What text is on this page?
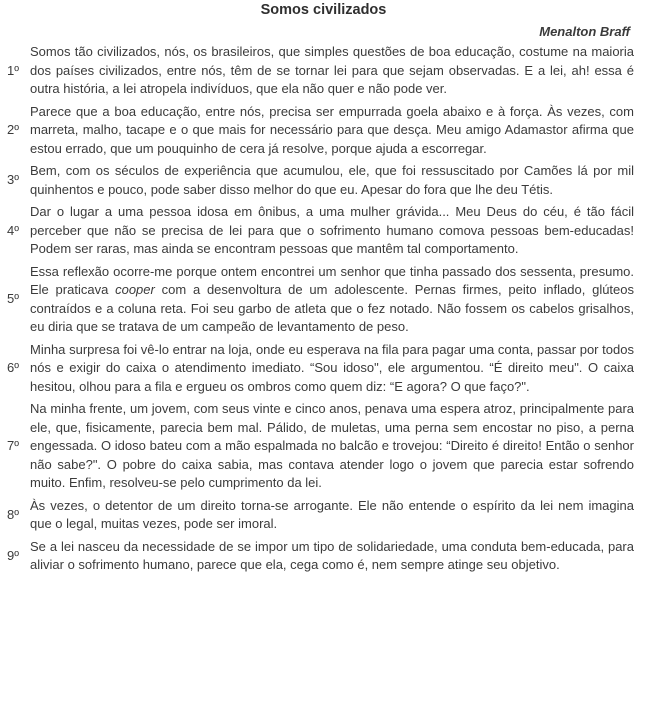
Somos civilizados
Menalton Braff
1º
Somos tão civilizados, nós, os brasileiros, que simples questões de boa educação, costume na maioria dos países civilizados, entre nós, têm de se tornar lei para que sejam observadas. E a lei, ah! essa é outra história, a lei atropela indivíduos, que ela não quer e não pode ver.
2º
Parece que a boa educação, entre nós, precisa ser empurrada goela abaixo e à força. Às vezes, com marreta, malho, tacape e o que mais for necessário para que desça. Meu amigo Adamastor afirma que estou errado, que um pouquinho de cera já resolve, porque ajuda a escorregar.
3º
Bem, com os séculos de experiência que acumulou, ele, que foi ressuscitado por Camões lá por mil quinhentos e pouco, pode saber disso melhor do que eu. Apesar do fora que lhe deu Tétis.
4º
Dar o lugar a uma pessoa idosa em ônibus, a uma mulher grávida... Meu Deus do céu, é tão fácil perceber que não se precisa de lei para que o sofrimento humano comova pessoas bem-educadas! Podem ser raras, mas ainda se encontram pessoas que mantêm tal comportamento.
5º
Essa reflexão ocorre-me porque ontem encontrei um senhor que tinha passado dos sessenta, presumo. Ele praticava cooper com a desenvoltura de um adolescente. Pernas firmes, peito inflado, glúteos contraídos e a coluna reta. Foi seu garbo de atleta que o fez notado. Não fossem os cabelos grisalhos, eu diria que se tratava de um campeão de levantamento de peso.
6º
Minha surpresa foi vê-lo entrar na loja, onde eu esperava na fila para pagar uma conta, passar por todos nós e exigir do caixa o atendimento imediato. “Sou idoso", ele argumentou. “É direito meu". O caixa hesitou, olhou para a fila e ergueu os ombros como quem diz: “E agora? O que faço?".
7º
Na minha frente, um jovem, com seus vinte e cinco anos, penava uma espera atroz, principalmente para ele, que, fisicamente, parecia bem mal. Pálido, de muletas, uma perna sem encostar no piso, a perna engessada. O idoso bateu com a mão espalmada no balcão e trovejou: “Direito é direito! Então o senhor não sabe?". O pobre do caixa sabia, mas contava atender logo o jovem que parecia estar sofrendo muito. Enfim, resolveu-se pelo cumprimento da lei.
8º
Às vezes, o detentor de um direito torna-se arrogante. Ele não entende o espírito da lei nem imagina que o legal, muitas vezes, pode ser imoral.
9º
Se a lei nasceu da necessidade de se impor um tipo de solidariedade, uma conduta bem-educada, para aliviar o sofrimento humano, parece que ela, cega como é, nem sempre atinge seu objetivo.
